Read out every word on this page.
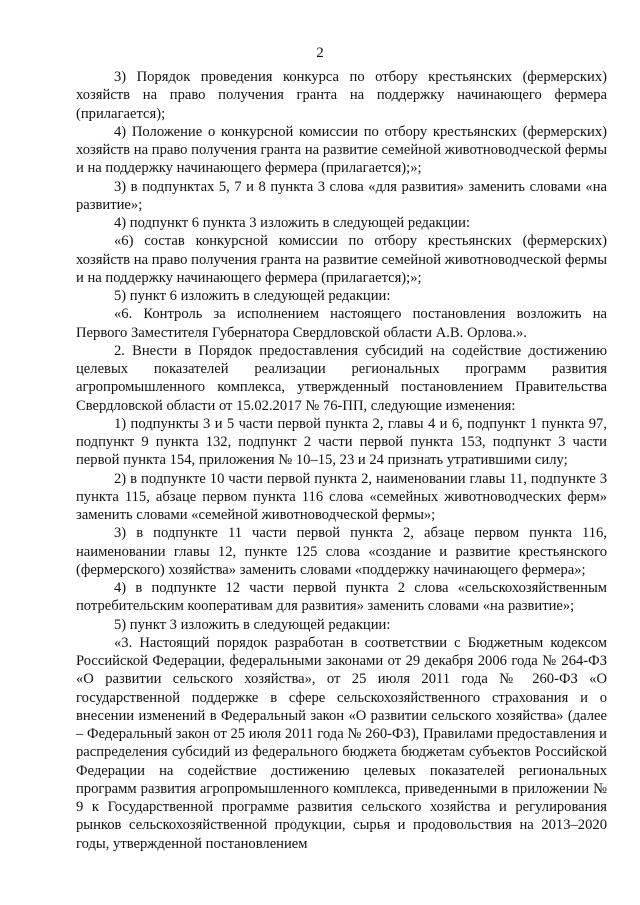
2

3) Порядок проведения конкурса по отбору крестьянских (фермерских) хозяйств на право получения гранта на поддержку начинающего фермера (прилагается);

4) Положение о конкурсной комиссии по отбору крестьянских (фермерских) хозяйств на право получения гранта на развитие семейной животноводческой фермы и на поддержку начинающего фермера (прилагается);»;

3) в подпунктах 5, 7 и 8 пункта 3 слова «для развития» заменить словами «на развитие»;

4) подпункт 6 пункта 3 изложить в следующей редакции:

«6) состав конкурсной комиссии по отбору крестьянских (фермерских) хозяйств на право получения гранта на развитие семейной животноводческой фермы и на поддержку начинающего фермера (прилагается);»;

5) пункт 6 изложить в следующей редакции:

«6. Контроль за исполнением настоящего постановления возложить на Первого Заместителя Губернатора Свердловской области А.В. Орлова.».

2. Внести в Порядок предоставления субсидий на содействие достижению целевых показателей реализации региональных программ развития агропромышленного комплекса, утвержденный постановлением Правительства Свердловской области от 15.02.2017 № 76-ПП, следующие изменения:

1) подпункты 3 и 5 части первой пункта 2, главы 4 и 6, подпункт 1 пункта 97, подпункт 9 пункта 132, подпункт 2 части первой пункта 153, подпункт 3 части первой пункта 154, приложения № 10–15, 23 и 24 признать утратившими силу;

2) в подпункте 10 части первой пункта 2, наименовании главы 11, подпункте 3 пункта 115, абзаце первом пункта 116 слова «семейных животноводческих ферм» заменить словами «семейной животноводческой фермы»;

3) в подпункте 11 части первой пункта 2, абзаце первом пункта 116, наименовании главы 12, пункте 125 слова «создание и развитие крестьянского (фермерского) хозяйства» заменить словами «поддержку начинающего фермера»;

4) в подпункте 12 части первой пункта 2 слова «сельскохозяйственным потребительским кооперативам для развития» заменить словами «на развитие»;

5) пункт 3 изложить в следующей редакции:

«3. Настоящий порядок разработан в соответствии с Бюджетным кодексом Российской Федерации, федеральными законами от 29 декабря 2006 года № 264-ФЗ «О развитии сельского хозяйства», от 25 июля 2011 года № 260-ФЗ «О государственной поддержке в сфере сельскохозяйственного страхования и о внесении изменений в Федеральный закон «О развитии сельского хозяйства» (далее – Федеральный закон от 25 июля 2011 года № 260-ФЗ), Правилами предоставления и распределения субсидий из федерального бюджета бюджетам субъектов Российской Федерации на содействие достижению целевых показателей региональных программ развития агропромышленного комплекса, приведенными в приложении № 9 к Государственной программе развития сельского хозяйства и регулирования рынков сельскохозяйственной продукции, сырья и продовольствия на 2013–2020 годы, утвержденной постановлением
